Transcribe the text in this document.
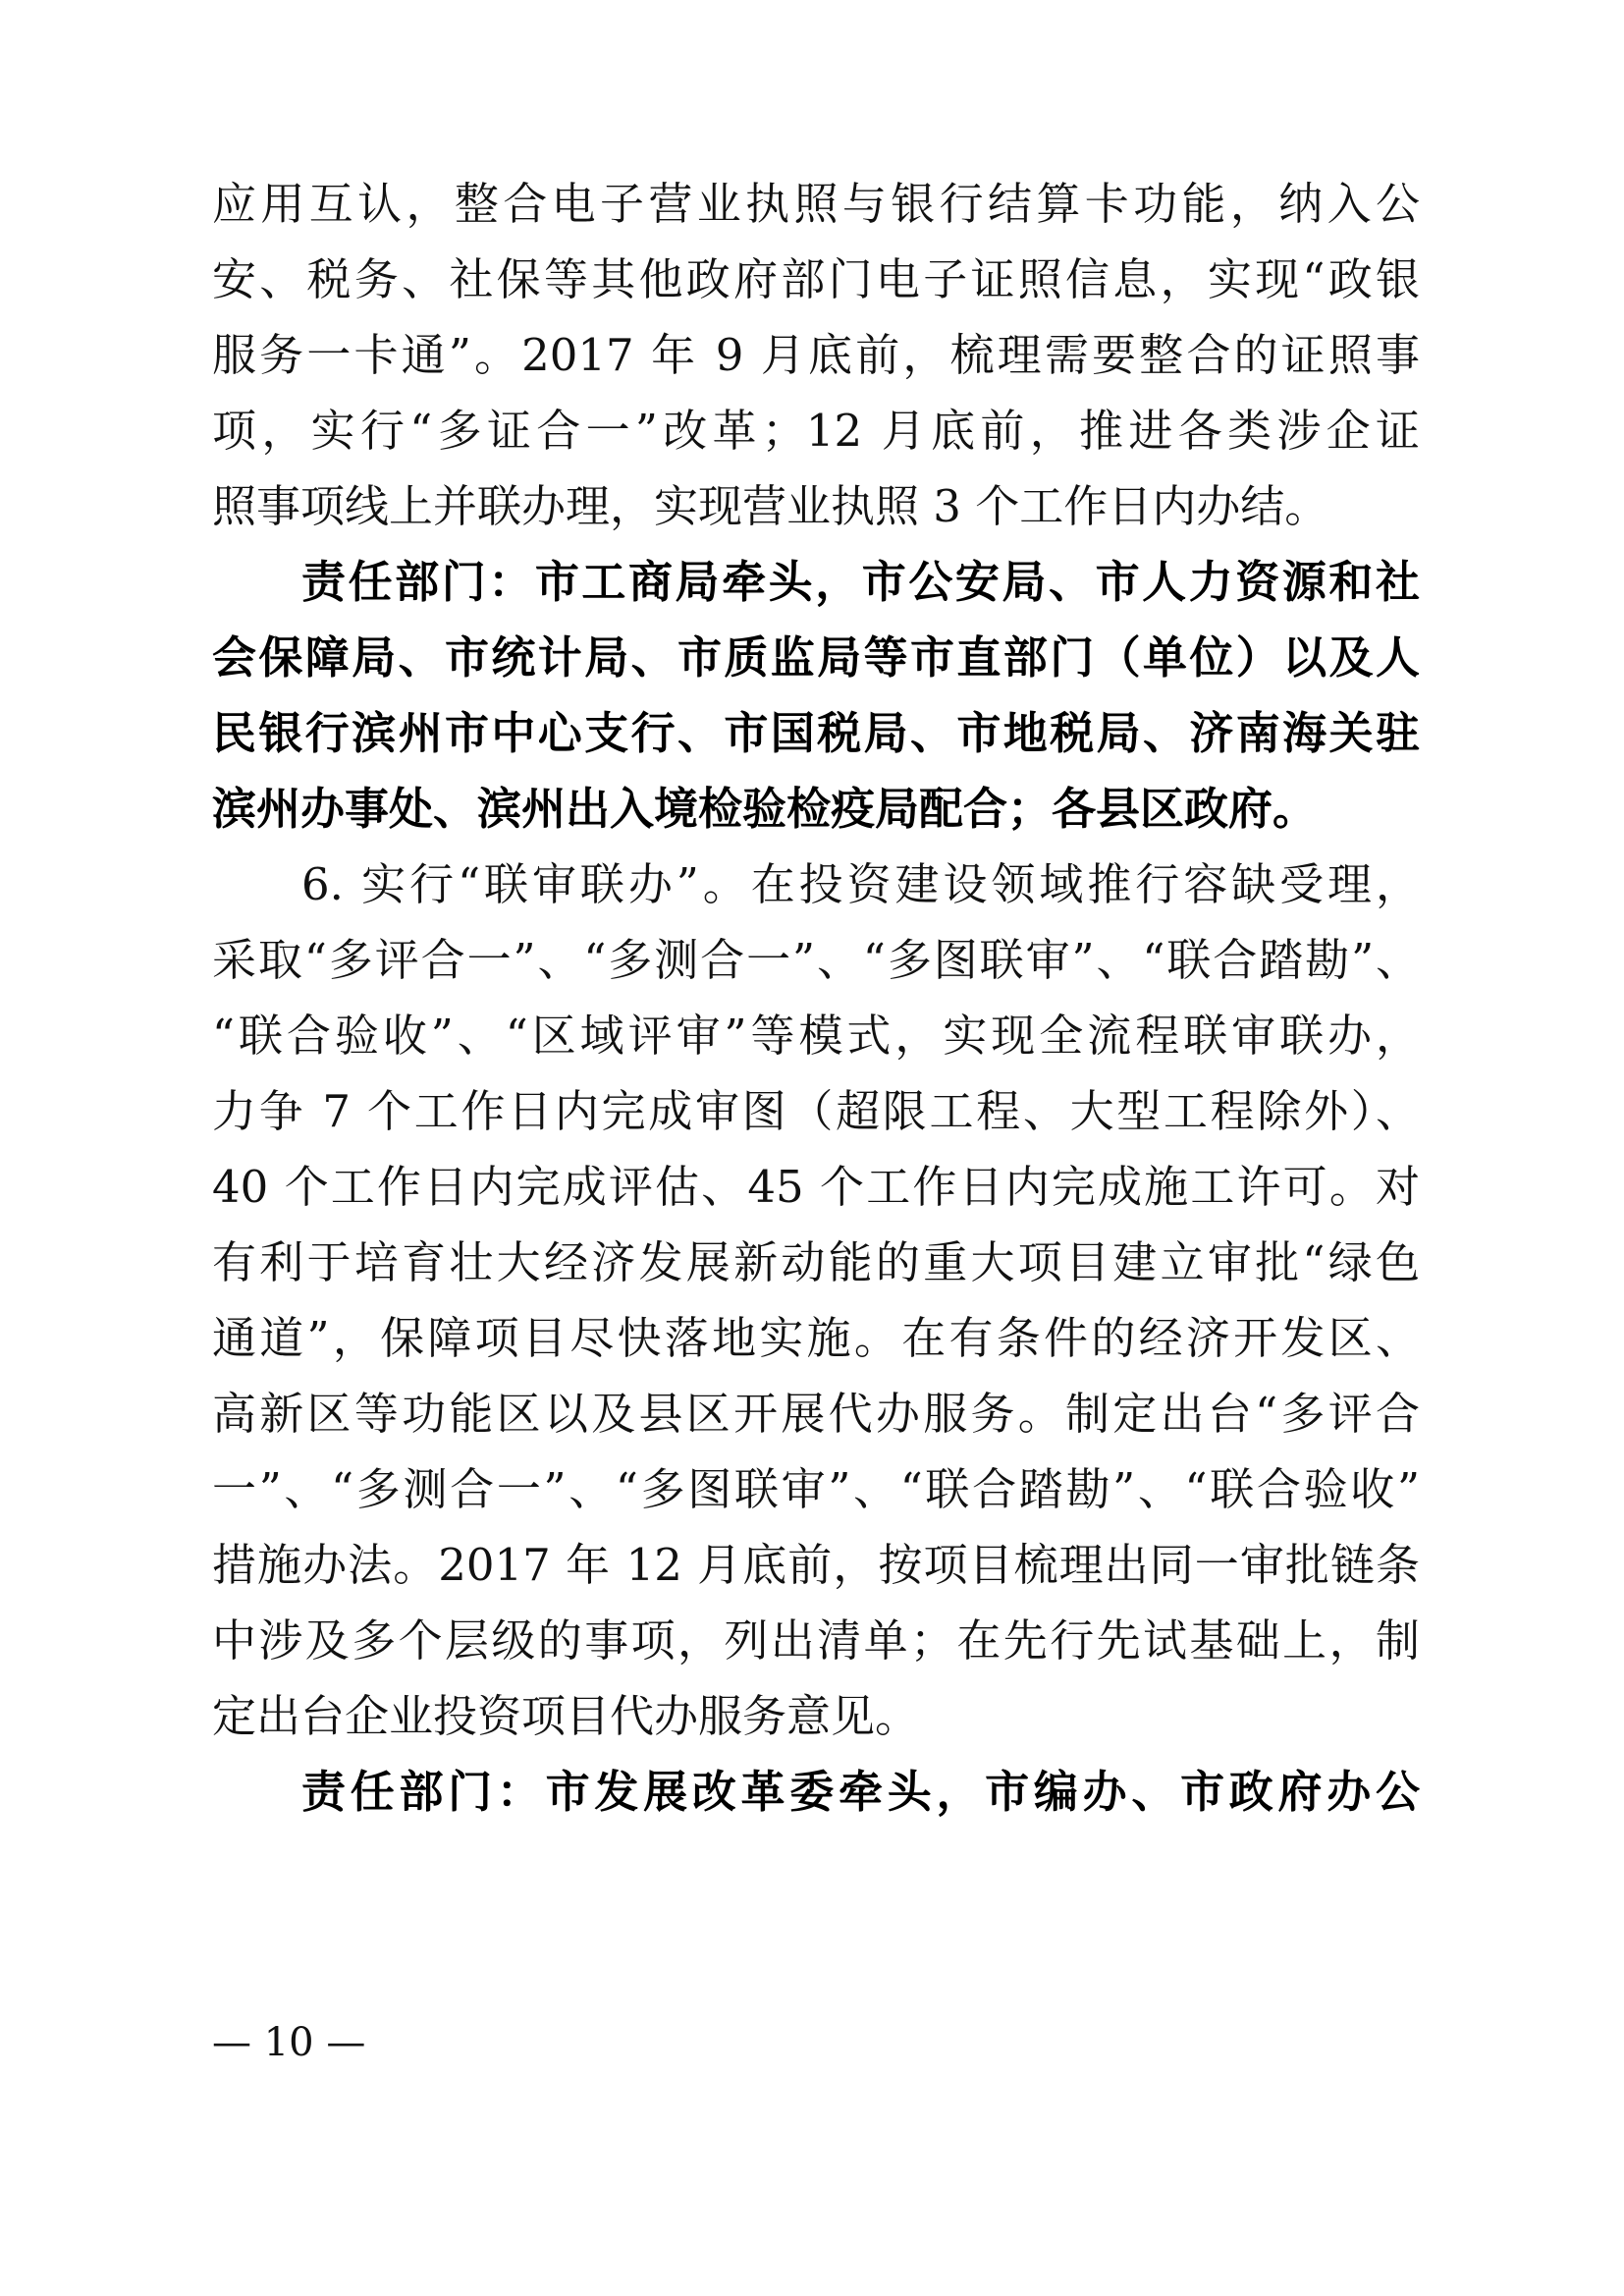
应用互认，整合电子营业执照与银行结算卡功能，纳入公
安、税务、社保等其他政府部门电子证照信息，实现“政银
服务一卡通”。2017 年 9 月底前，梳理需要整合的证照事
项，实行“多证合一”改革；12 月底前，推进各类涉企证
照事项线上并联办理，实现营业执照 3 个工作日内办结。
责任部门：市工商局牵头，市公安局、市人力资源和社
会保障局、市统计局、市质监局等市直部门（单位）以及人
民银行滨州市中心支行、市国税局、市地税局、济南海关驻
滨州办事处、滨州出入境检验检疫局配合；各县区政府。
6. 实行“联审联办”。在投资建设领域推行容缺受理，
采取“多评合一”、“多测合一”、“多图联审”、“联合踏勘”、
“联合验收”、“区域评审”等模式，实现全流程联审联办，
力争 7 个工作日内完成审图（超限工程、大型工程除外）、
40 个工作日内完成评估、45 个工作日内完成施工许可。对
有利于培育壮大经济发展新动能的重大项目建立审批“绿色
通道”，保障项目尽快落地实施。在有条件的经济开发区、
高新区等功能区以及县区开展代办服务。制定出台“多评合
一”、“多测合一”、“多图联审”、“联合踏勘”、“联合验收”
措施办法。2017 年 12 月底前，按项目梳理出同一审批链条
中涉及多个层级的事项，列出清单；在先行先试基础上，制
定出台企业投资项目代办服务意见。
责任部门：市发展改革委牵头，市编办、市政府办公
— 10 —
